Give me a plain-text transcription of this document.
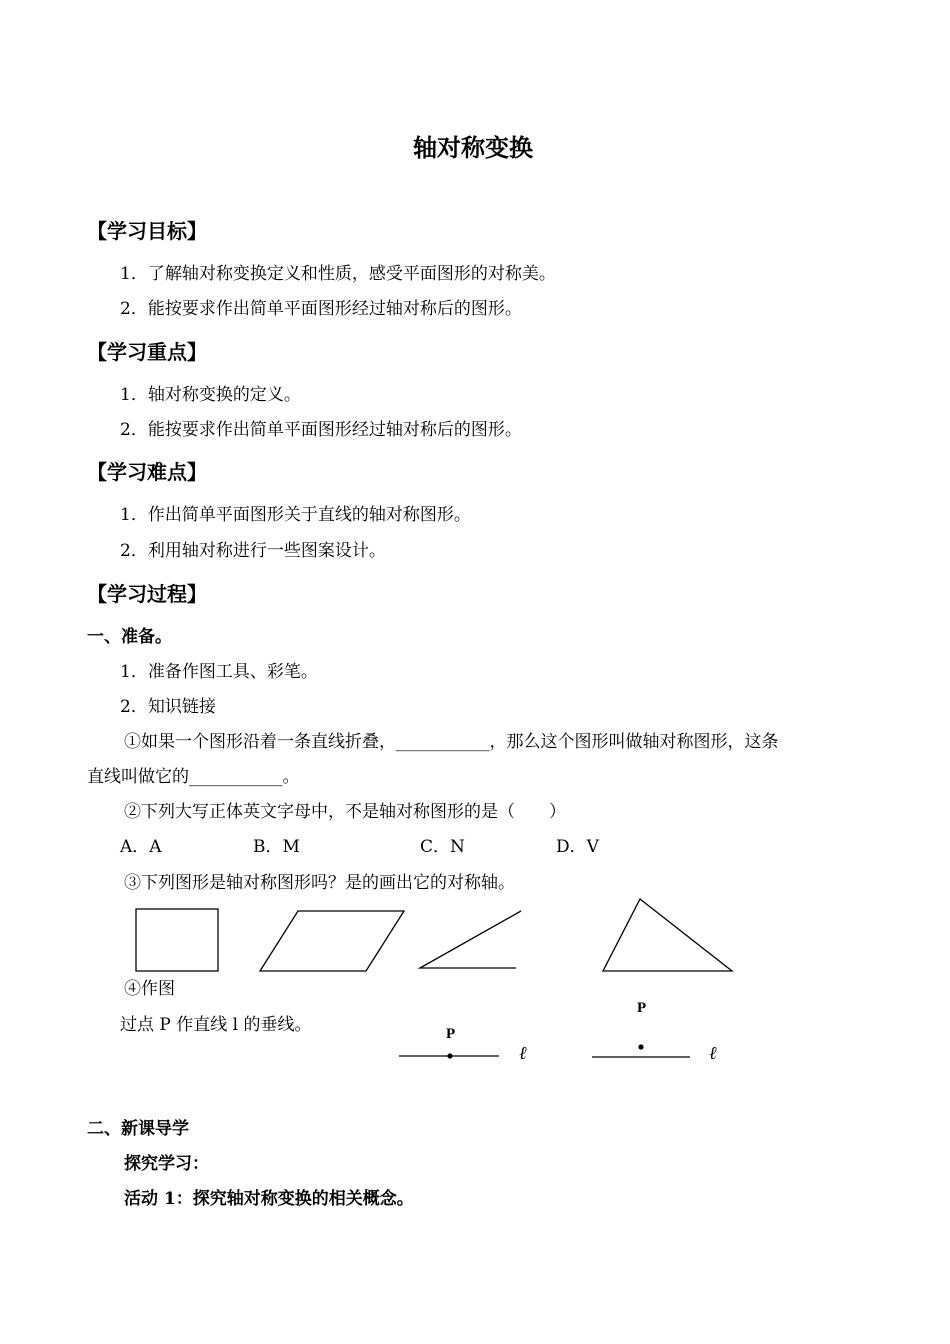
轴对称变换
【学习目标】
1．了解轴对称变换定义和性质，感受平面图形的对称美。
2．能按要求作出简单平面图形经过轴对称后的图形。
【学习重点】
1．轴对称变换的定义。
2．能按要求作出简单平面图形经过轴对称后的图形。
【学习难点】
1．作出简单平面图形关于直线的轴对称图形。
2．利用轴对称进行一些图案设计。
【学习过程】
一、准备。
1．准备作图工具、彩笔。
2．知识链接
①如果一个图形沿着一条直线折叠，___________，那么这个图形叫做轴对称图形，这条
直线叫做它的___________。
②下列大写正体英文字母中，不是轴对称图形的是（　　）
A．A	B．M	C．N	D．V
③下列图形是轴对称图形吗？是的画出它的对称轴。
④作图
过点 P 作直线 l 的垂线。	P
ℓ
P
ℓ
二、新课导学
探究学习：
活动 1：探究轴对称变换的相关概念。
